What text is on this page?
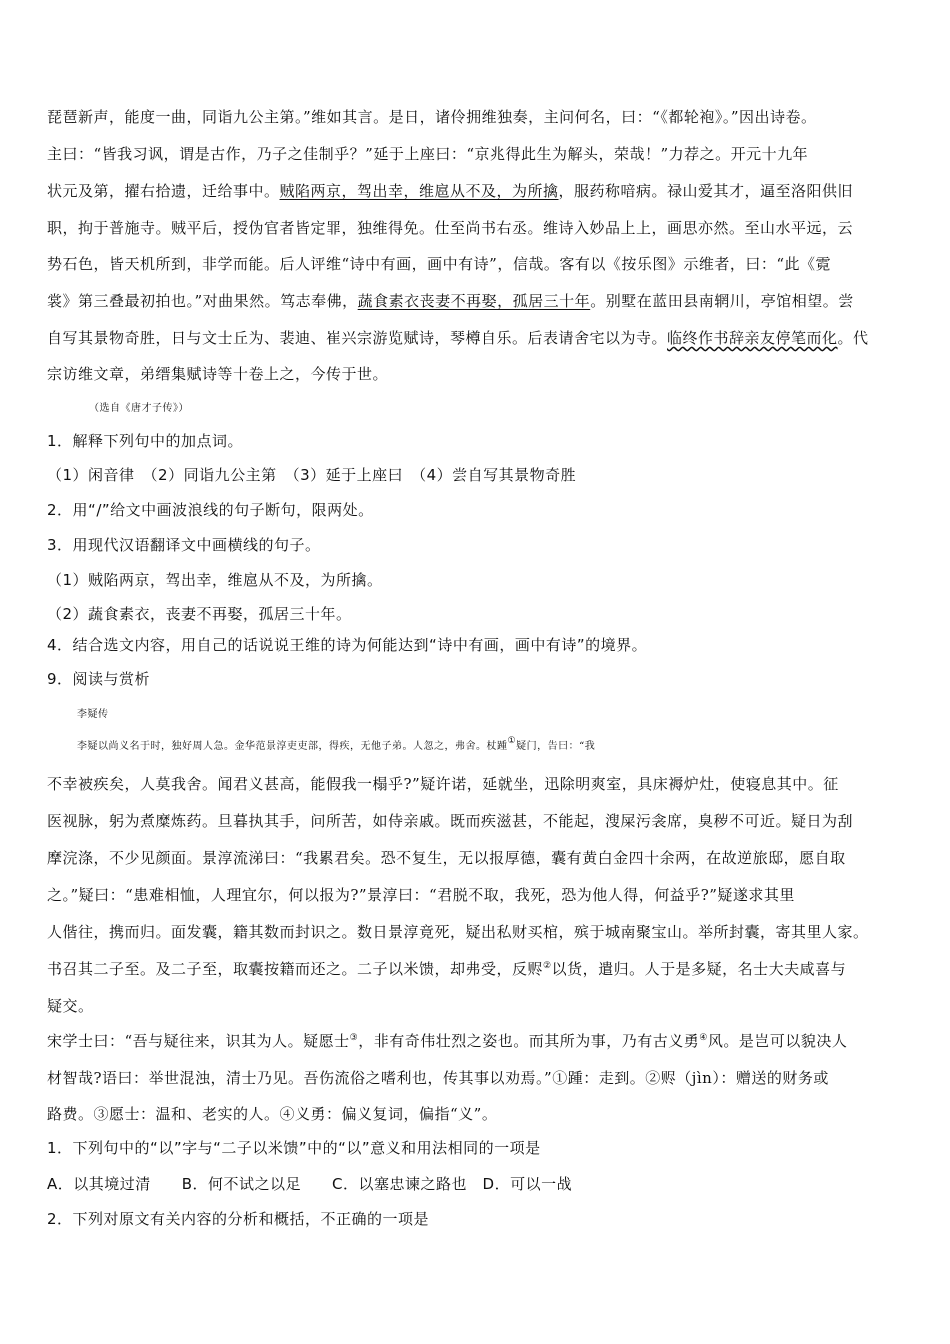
琵琶新声，能度一曲，同诣九公主第。”维如其言。是日，诸伶拥维独奏，主问何名，曰：“《都轮袍》。”因出诗卷。
主曰：“皆我习讽，谓是古作，乃子之佳制乎？”延于上座曰：“京兆得此生为解头，荣哉！”力荐之。开元十九年
状元及第，擢右拾遗，迁给事中。贼陷两京，驾出幸，维扈从不及，为所擒，服药称喑病。禄山爱其才，逼至洛阳供旧
职，拘于普施寺。贼平后，授伪官者皆定罪，独维得免。仕至尚书右丞。维诗入妙品上上，画思亦然。至山水平远，云
势石色，皆天机所到，非学而能。后人评维“诗中有画，画中有诗”，信哉。客有以《按乐图》示维者，曰：“此《霓
裳》第三叠最初拍也。”对曲果然。笃志奉佛，蔬食素衣丧妻不再娶，孤居三十年。别墅在蓝田县南辋川，亭馆相望。尝
自写其景物奇胜，日与文士丘为、裴迪、崔兴宗游览赋诗，琴樽自乐。后表请舍宅以为寺。临终作书辞亲友停笔而化。代
宗访维文章，弟缙集赋诗等十卷上之，今传于世。
（选自《唐才子传》）
1．解释下列句中的加点词。
（1）闲音律　（2）同诣九公主第　（3）延于上座曰　（4）尝自写其景物奇胜
2．用“/”给文中画波浪线的句子断句，限两处。
3．用现代汉语翻译文中画横线的句子。
（1）贼陷两京，驾出幸，维扈从不及，为所擒。
（2）蔬食素衣，丧妻不再娶，孤居三十年。
4．结合选文内容，用自己的话说说王维的诗为何能达到“诗中有画，画中有诗”的境界。
9．阅读与赏析
李疑传
李疑以尚义名于时，独好周人急。金华范景淳吏吏部，得疾，无他子弟。人忽之，弗舍。杖踵①疑门，告曰：“我
不幸被疾矣，人莫我舍。闻君义甚高，能假我一榻乎?”疑许诺，延就坐，迅除明爽室，具床褥炉灶，使寝息其中。征
医视脉，躬为煮糜炼药。旦暮执其手，问所苦，如侍亲戚。既而疾滋甚，不能起，溲屎污衾席，臭秽不可近。疑日为刮
摩浣涤，不少见颜面。景淳流涕曰：“我累君矣。恐不复生，无以报厚德，囊有黄白金四十余两，在故逆旅邸，愿自取
之。”疑曰：“患难相恤，人理宜尔，何以报为?”景淳曰：“君脱不取，我死，恐为他人得，何益乎?”疑遂求其里
人偕往，携而归。面发囊，籍其数而封识之。数日景淳竟死，疑出私财买棺，殡于城南聚宝山。举所封囊，寄其里人家。
书召其二子至。及二子至，取囊按籍而还之。二子以米馈，却弗受，反赆②以货，遣归。人于是多疑，名士大夫咸喜与
疑交。
宋学士曰：“吾与疑往来，识其为人。疑愿士③，非有奇伟壮烈之姿也。而其所为事，乃有古义勇④风。是岂可以貌决人
材智哉?语曰：举世混浊，清士乃见。吾伤流俗之嗜利也，传其事以劝焉。”①踵：走到。②赆（jìn）：赠送的财务或
路费。③愿士：温和、老实的人。④义勇：偏义复词，偏指“义”。
1．下列句中的“以”字与“二子以米馈”中的“以”意义和用法相同的一项是
A．以其境过清　　B．何不试之以足　　C．以塞忠谏之路也　D．可以一战
2．下列对原文有关内容的分析和概括，不正确的一项是
